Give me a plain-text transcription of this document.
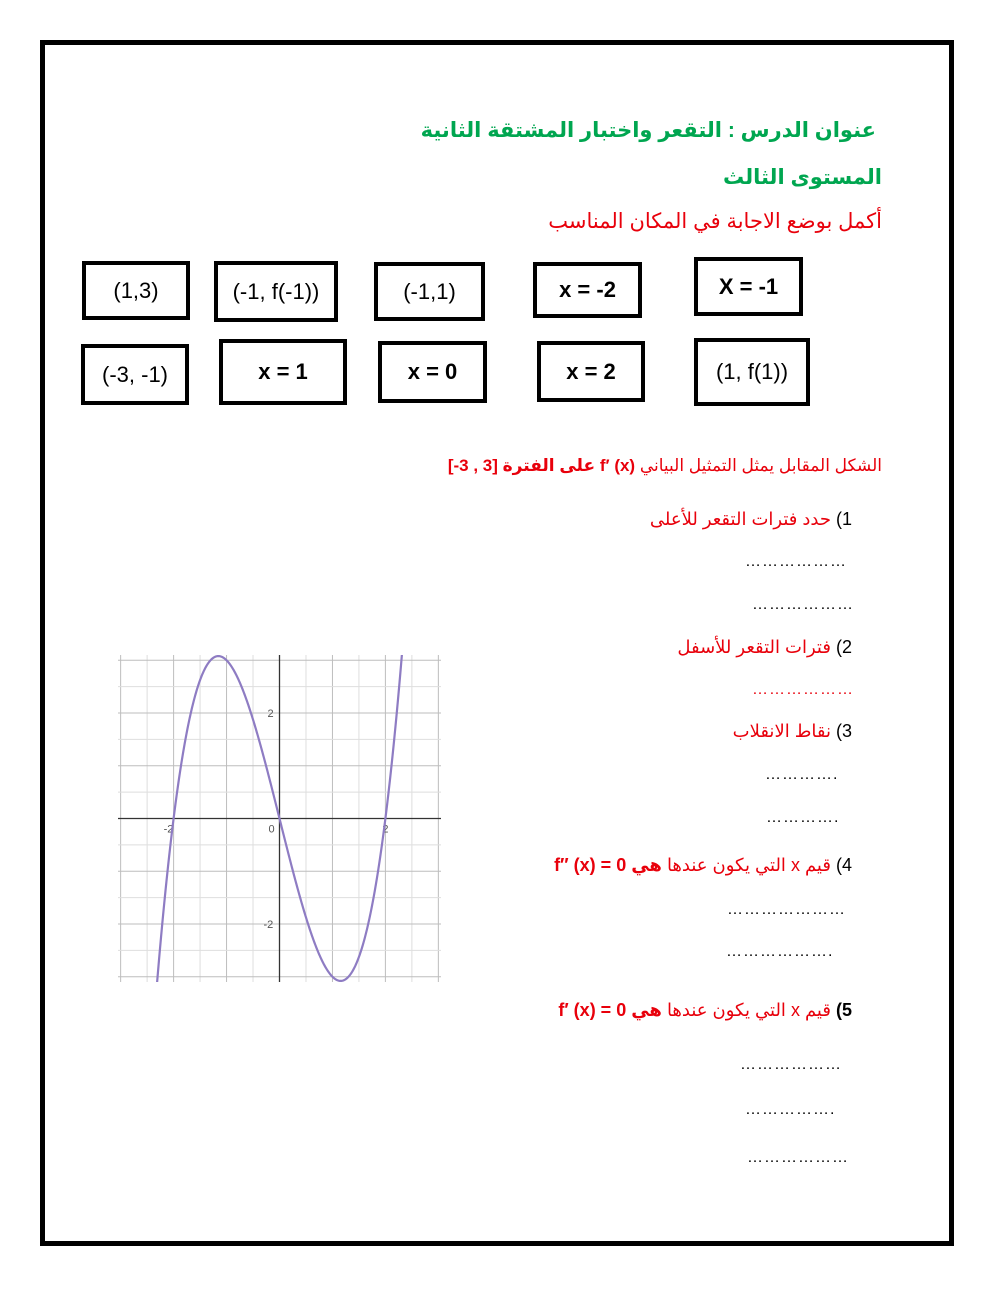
عنوان الدرس : التقعر واختبار المشتقة الثانية
المستوى الثالث
أكمل بوضع الاجابة في المكان المناسب
(1,3)	(-1, f(-1))	(-1,1)	x = -2	X = -1
(-3, -1)	x = 1	x = 0	x = 2	(1, f(1))
الشكل المقابل يمثل التمثيل البياني f′ (x) على الفترة [-3 , 3]
1) حدد فترات التقعر للأعلى
………………
………………
2) فترات التقعر للأسفل
………………
3) نقاط الانقلاب
………….
………….
4) قيم x التي يكون عندها f″ (x) = 0 هي
…………………
……………….
5) قيم x التي يكون عندها f′ (x) = 0 هي
………………
…………….
………………
-2	0	2
2
-2
